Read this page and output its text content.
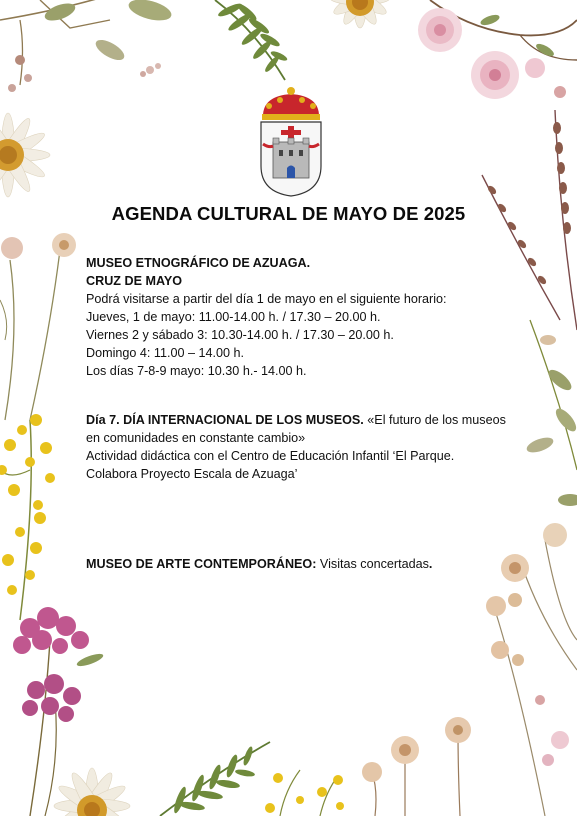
AGENDA CULTURAL DE MAYO DE 2025
MUSEO ETNOGRÁFICO DE AZUAGA.
CRUZ DE MAYO
Podrá visitarse a partir del día 1 de mayo en el siguiente horario:
Jueves, 1 de mayo: 11.00-14.00 h. / 17.30 – 20.00 h.
Viernes 2 y sábado 3: 10.30-14.00 h. / 17.30 – 20.00 h.
Domingo 4: 11.00 – 14.00 h.
Los días 7-8-9 mayo: 10.30 h.- 14.00 h.
Día 7. DÍA INTERNACIONAL DE LOS MUSEOS. «El futuro de los museos
en comunidades en constante cambio»
Actividad didáctica con el Centro de Educación Infantil ‘El Parque.
Colabora Proyecto Escala de Azuaga’
MUSEO DE ARTE CONTEMPORÁNEO: Visitas concertadas.
